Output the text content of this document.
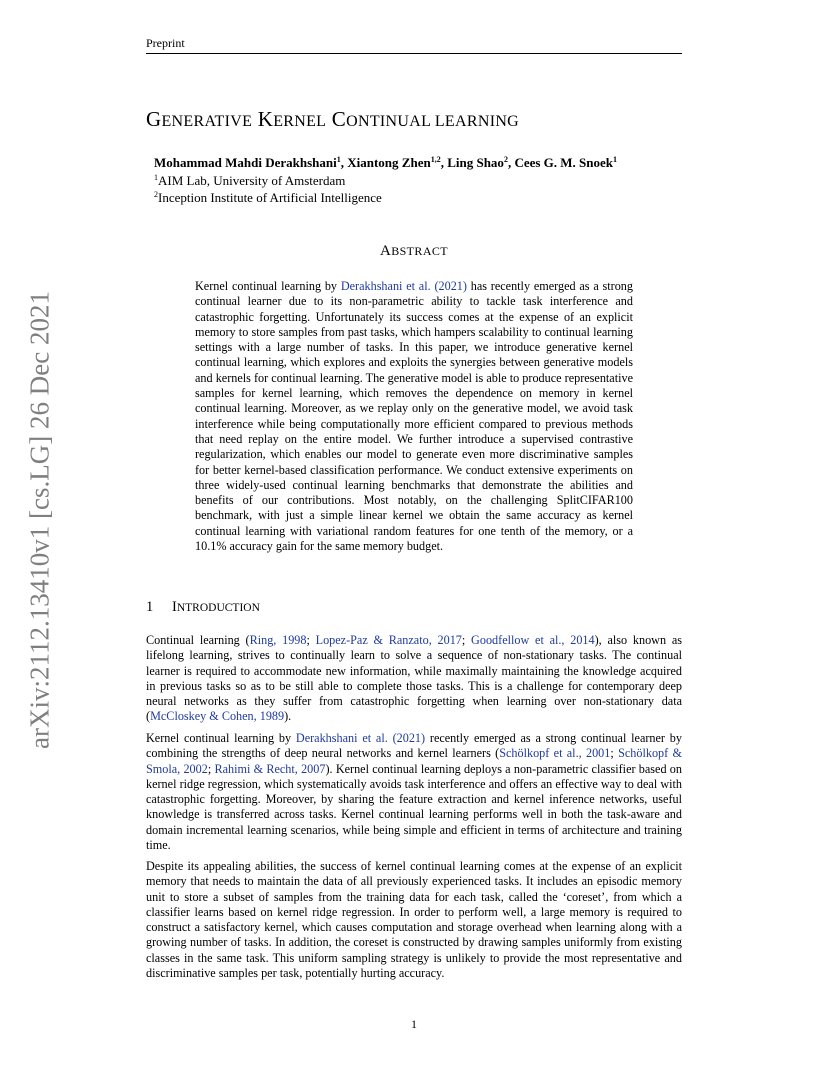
Preprint
arXiv:2112.13410v1 [cs.LG] 26 Dec 2021
GENERATIVE KERNEL CONTINUAL LEARNING
Mohammad Mahdi Derakhshani$^1$, Xiantong Zhen$^{1,2}$, Ling Shao$^2$, Cees G. M. Snoek$^1$
$^1$AIM Lab, University of Amsterdam
$^2$Inception Institute of Artificial Intelligence
ABSTRACT
Kernel continual learning by Derakhshani et al. (2021) has recently emerged as a strong continual learner due to its non-parametric ability to tackle task interference and catastrophic forgetting. Unfortunately its success comes at the expense of an explicit memory to store samples from past tasks, which hampers scalability to continual learning settings with a large number of tasks. In this paper, we introduce generative kernel continual learning, which explores and exploits the synergies between generative models and kernels for continual learning. The generative model is able to produce representative samples for kernel learning, which removes the dependence on memory in kernel continual learning. Moreover, as we replay only on the generative model, we avoid task interference while being computationally more efficient compared to previous methods that need replay on the entire model. We further introduce a supervised contrastive regularization, which enables our model to generate even more discriminative samples for better kernel-based classification performance. We conduct extensive experiments on three widely-used continual learning benchmarks that demonstrate the abilities and benefits of our contributions. Most notably, on the challenging SplitCIFAR100 benchmark, with just a simple linear kernel we obtain the same accuracy as kernel continual learning with variational random features for one tenth of the memory, or a 10.1% accuracy gain for the same memory budget.
1 INTRODUCTION
Continual learning (Ring, 1998; Lopez-Paz & Ranzato, 2017; Goodfellow et al., 2014), also known as lifelong learning, strives to continually learn to solve a sequence of non-stationary tasks. The continual learner is required to accommodate new information, while maximally maintaining the knowledge acquired in previous tasks so as to be still able to complete those tasks. This is a challenge for contemporary deep neural networks as they suffer from catastrophic forgetting when learning over non-stationary data (McCloskey & Cohen, 1989).
Kernel continual learning by Derakhshani et al. (2021) recently emerged as a strong continual learner by combining the strengths of deep neural networks and kernel learners (Schölkopf et al., 2001; Schölkopf & Smola, 2002; Rahimi & Recht, 2007). Kernel continual learning deploys a non-parametric classifier based on kernel ridge regression, which systematically avoids task interference and offers an effective way to deal with catastrophic forgetting. Moreover, by sharing the feature extraction and kernel inference networks, useful knowledge is transferred across tasks. Kernel continual learning performs well in both the task-aware and domain incremental learning scenarios, while being simple and efficient in terms of architecture and training time.
Despite its appealing abilities, the success of kernel continual learning comes at the expense of an explicit memory that needs to maintain the data of all previously experienced tasks. It includes an episodic memory unit to store a subset of samples from the training data for each task, called the ‘coreset’, from which a classifier learns based on kernel ridge regression. In order to perform well, a large memory is required to construct a satisfactory kernel, which causes computation and storage overhead when learning along with a growing number of tasks. In addition, the coreset is constructed by drawing samples uniformly from existing classes in the same task. This uniform sampling strategy is unlikely to provide the most representative and discriminative samples per task, potentially hurting accuracy.
1
